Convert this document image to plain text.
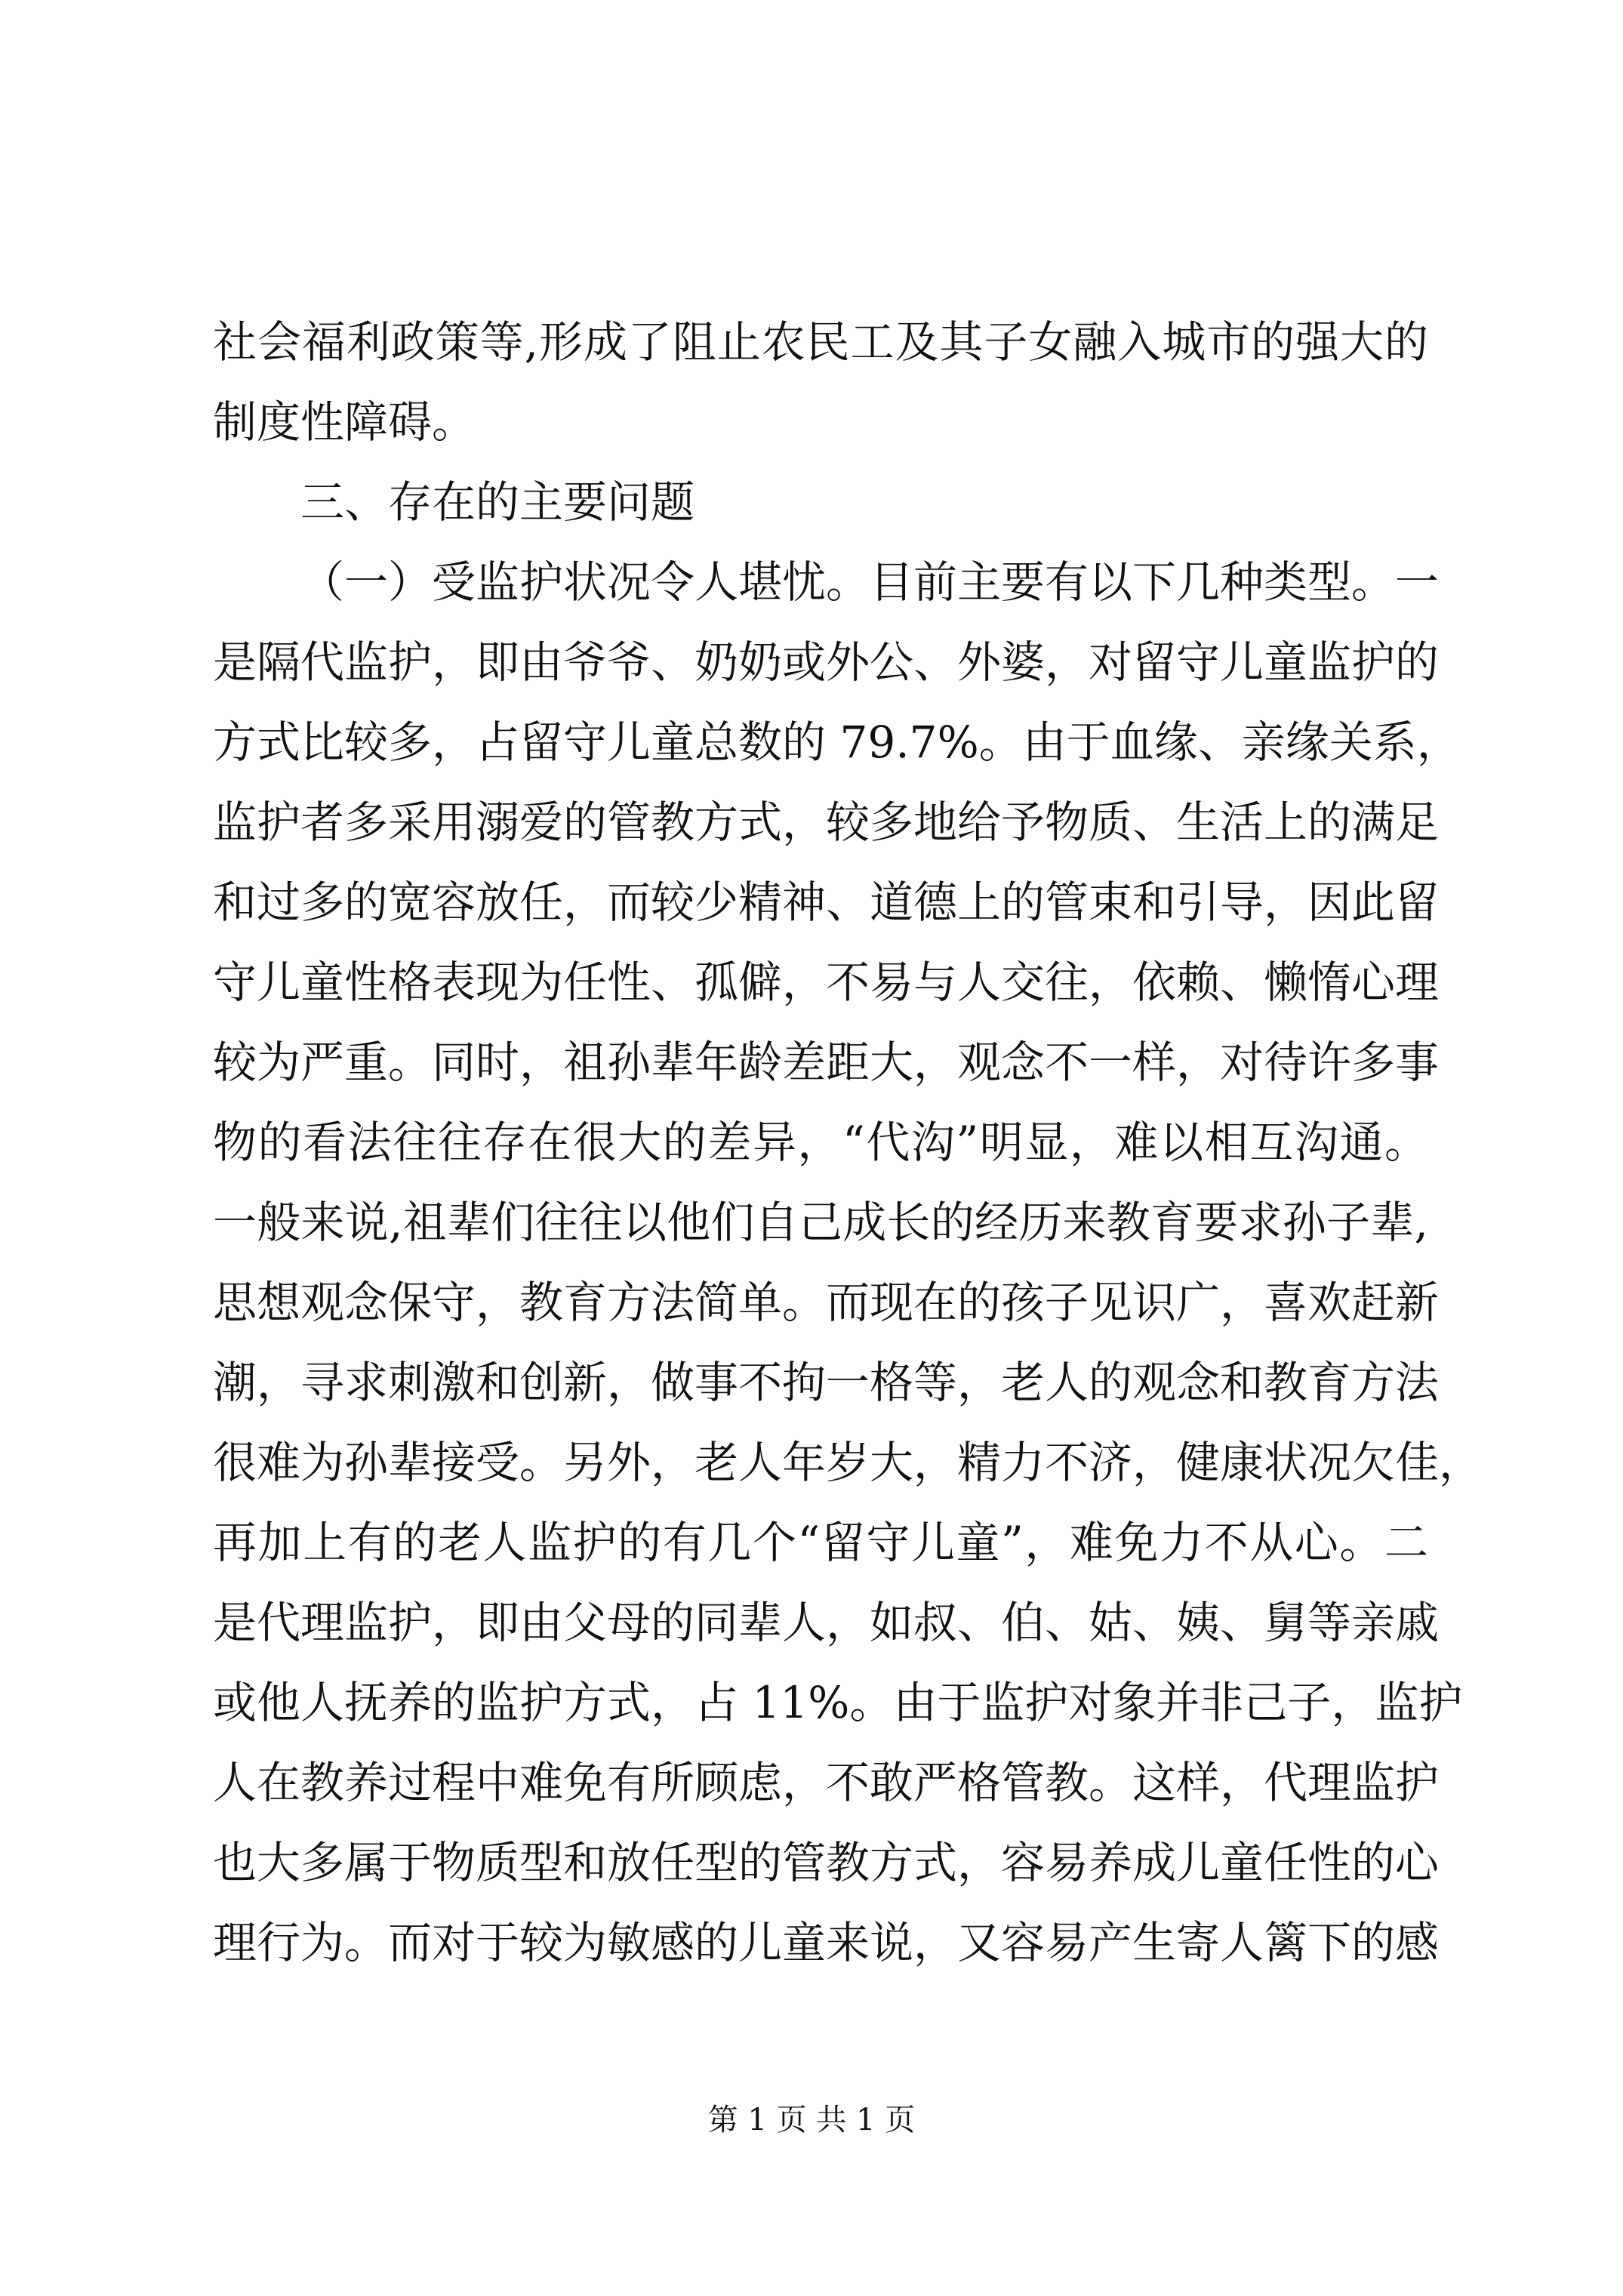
社会福利政策等,形成了阻止农民工及其子女融入城市的强大的
制度性障碍。
三、存在的主要问题
（一）受监护状况令人堪忧。目前主要有以下几种类型。一
是隔代监护，即由爷爷、奶奶或外公、外婆，对留守儿童监护的
方式比较多，占留守儿童总数的 79.7%。由于血缘、亲缘关系，
监护者多采用溺爱的管教方式，较多地给予物质、生活上的满足
和过多的宽容放任，而较少精神、道德上的管束和引导，因此留
守儿童性格表现为任性、孤僻，不易与人交往，依赖、懒惰心理
较为严重。同时，祖孙辈年龄差距大，观念不一样，对待许多事
物的看法往往存在很大的差异，“代沟”明显，难以相互沟通。
一般来说,祖辈们往往以他们自己成长的经历来教育要求孙子辈,
思想观念保守，教育方法简单。而现在的孩子见识广，喜欢赶新
潮，寻求刺激和创新，做事不拘一格等，老人的观念和教育方法
很难为孙辈接受。另外，老人年岁大，精力不济，健康状况欠佳，
再加上有的老人监护的有几个“留守儿童”，难免力不从心。二
是代理监护，即由父母的同辈人，如叔、伯、姑、姨、舅等亲戚
或他人抚养的监护方式，占 11%。由于监护对象并非己子，监护
人在教养过程中难免有所顾虑，不敢严格管教。这样，代理监护
也大多属于物质型和放任型的管教方式，容易养成儿童任性的心
理行为。而对于较为敏感的儿童来说，又容易产生寄人篱下的感
第 1 页 共 1 页
